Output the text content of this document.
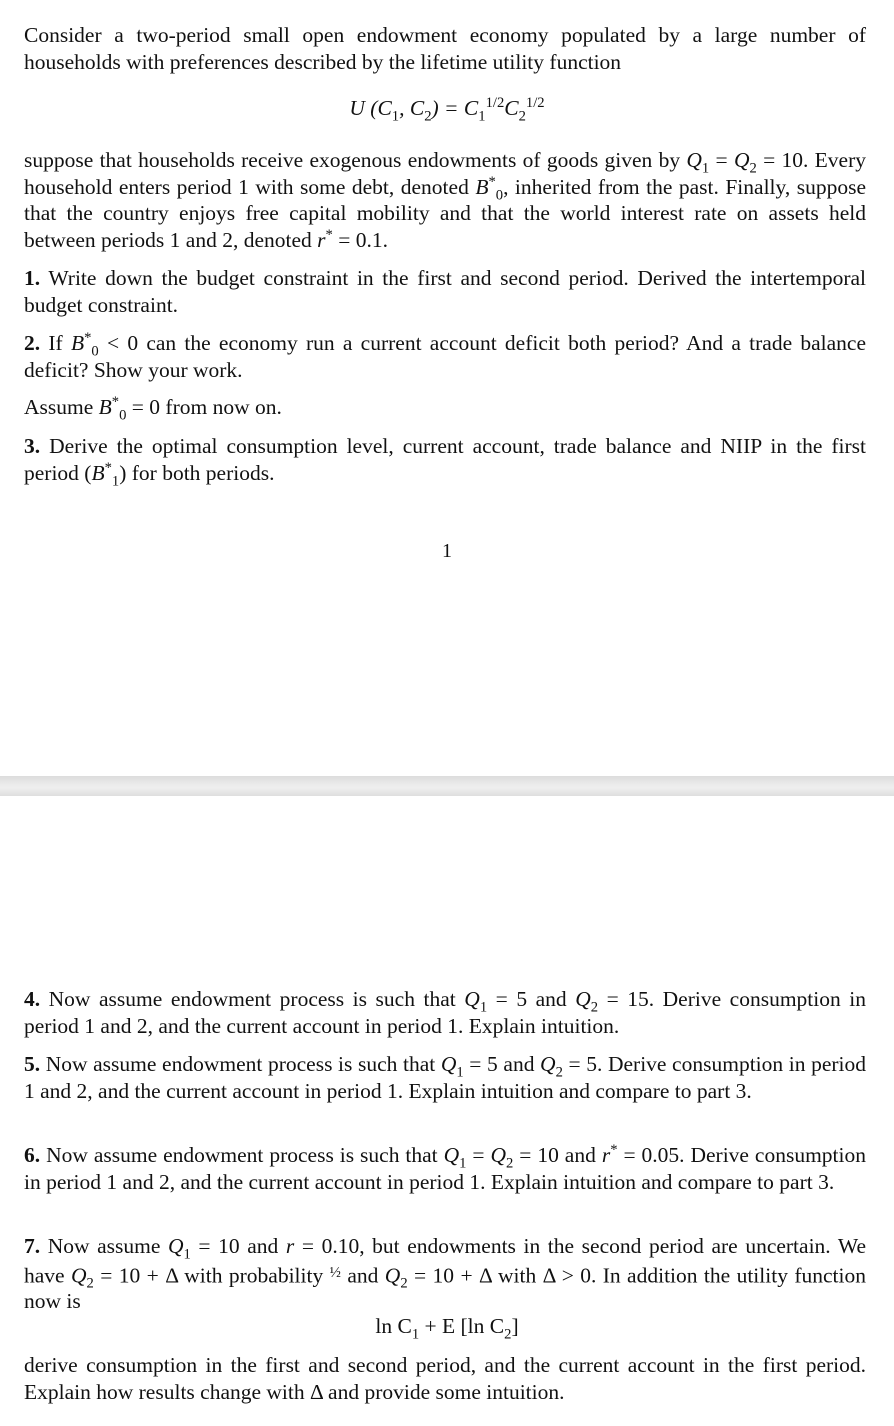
Consider a two-period small open endowment economy populated by a large number of households with preferences described by the lifetime utility function

U ($C_1$, $C_2) = C_1^{1/2}C_2^{1/2}$

suppose that households receive exogenous endowments of goods given by $Q_1 = Q_2 = 10$. Every household enters period 1 with some debt, denoted $B^*_0$, inherited from the past. Finally, suppose that the country enjoys free capital mobility and that the world interest rate on assets held between periods 1 and 2, denoted r* = 0.1.

1. Write down the budget constraint in the first and second period. Derived the intertemporal budget constraint.

2. If $B^*_0 < 0$ can the economy run a current account deficit both period? And a trade balance deficit? Show your work.

Assume $B^*_0 = 0$ from now on.

3. Derive the optimal consumption level, current account, trade balance and NIIP in the first period $(B^*_1)$ for both periods.

1

4. Now assume endowment process is such that $Q_1 = 5$ and $Q_2 = 15$. Derive consumption in period 1 and 2, and the current account in period 1. Explain intuition.

5. Now assume endowment process is such that $Q_1 = 5$ and $Q_2 = 5$. Derive consumption in period 1 and 2, and the current account in period 1. Explain intuition and compare to part 3.

6. Now assume endowment process is such that $Q_1 = Q_2 = 10$ and r* = 0.05. Derive consumption in period 1 and 2, and the current account in period 1. Explain intuition and compare to part 3.

7. Now assume $Q_1 = 10$ and r = 0.10, but endowments in the second period are uncertain. We have $Q_2 = 10 + \Delta$ with probability $^{\frac{1}{2}}$ and $Q_2 = 10 + \Delta$ with Δ > 0. In addition the utility function now is

$\ln C_1 + E$ [ln $C_2$]

derive consumption in the first and second period, and the current account in the first period. Explain how results change with Δ and provide some intuition.
